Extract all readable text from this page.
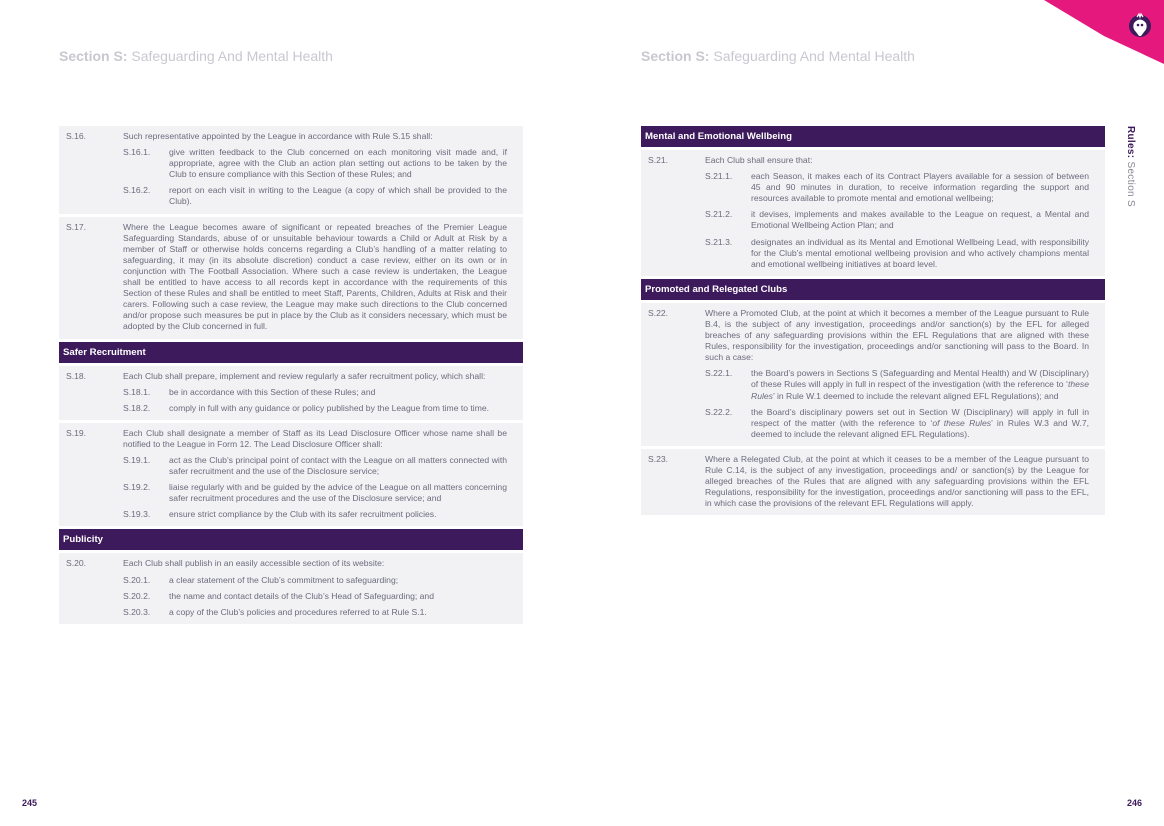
Section S: Safeguarding And Mental Health	Section S: Safeguarding And Mental Health
Rules: Section S
S.16.	Such representative appointed by the League in accordance with Rule S.15 shall:
S.16.1.	give written feedback to the Club concerned on each monitoring visit made and, if appropriate, agree with the Club an action plan setting out actions to be taken by the Club to ensure compliance with this Section of these Rules; and
S.16.2.	report on each visit in writing to the League (a copy of which shall be provided to the Club).
S.17.	Where the League becomes aware of significant or repeated breaches of the Premier League Safeguarding Standards, abuse of or unsuitable behaviour towards a Child or Adult at Risk by a member of Staff or otherwise holds concerns regarding a Club’s handling of a matter relating to safeguarding, it may (in its absolute discretion) conduct a case review, either on its own or in conjunction with The Football Association. Where such a case review is undertaken, the League shall be entitled to have access to all records kept in accordance with the requirements of this Section of these Rules and shall be entitled to meet Staff, Parents, Children, Adults at Risk and their carers. Following such a case review, the League may make such directions to the Club concerned and/or propose such measures be put in place by the Club as it considers necessary, which must be adopted by the Club concerned in full.
Safer Recruitment
S.18.	Each Club shall prepare, implement and review regularly a safer recruitment policy, which shall:
S.18.1.	be in accordance with this Section of these Rules; and
S.18.2.	comply in full with any guidance or policy published by the League from time to time.
S.19.	Each Club shall designate a member of Staff as its Lead Disclosure Officer whose name shall be notified to the League in Form 12. The Lead Disclosure Officer shall:
S.19.1.	act as the Club’s principal point of contact with the League on all matters connected with safer recruitment and the use of the Disclosure service;
S.19.2.	liaise regularly with and be guided by the advice of the League on all matters concerning safer recruitment procedures and the use of the Disclosure service; and
S.19.3.	ensure strict compliance by the Club with its safer recruitment policies.
Publicity
S.20.	Each Club shall publish in an easily accessible section of its website:
S.20.1.	a clear statement of the Club’s commitment to safeguarding;
S.20.2.	the name and contact details of the Club’s Head of Safeguarding; and
S.20.3.	a copy of the Club’s policies and procedures referred to at Rule S.1.
Mental and Emotional Wellbeing
S.21.	Each Club shall ensure that:
S.21.1.	each Season, it makes each of its Contract Players available for a session of between 45 and 90 minutes in duration, to receive information regarding the support and resources available to promote mental and emotional wellbeing;
S.21.2.	it devises, implements and makes available to the League on request, a Mental and Emotional Wellbeing Action Plan; and
S.21.3.	designates an individual as its Mental and Emotional Wellbeing Lead, with responsibility for the Club’s mental emotional wellbeing provision and who actively champions mental and emotional wellbeing initiatives at board level.
Promoted and Relegated Clubs
S.22.	Where a Promoted Club, at the point at which it becomes a member of the League pursuant to Rule B.4, is the subject of any investigation, proceedings and/or sanction(s) by the EFL for alleged breaches of any safeguarding provisions within the EFL Regulations that are aligned with these Rules, responsibility for the investigation, proceedings and/or sanctioning will pass to the Board. In such a case:
S.22.1.	the Board’s powers in Sections S (Safeguarding and Mental Health) and W (Disciplinary) of these Rules will apply in full in respect of the investigation (with the reference to ‘these Rules’ in Rule W.1 deemed to include the relevant aligned EFL Regulations); and
S.22.2.	the Board’s disciplinary powers set out in Section W (Disciplinary) will apply in full in respect of the matter (with the reference to ‘of these Rules’ in Rules W.3 and W.7, deemed to include the relevant aligned EFL Regulations).
S.23.	Where a Relegated Club, at the point at which it ceases to be a member of the League pursuant to Rule C.14, is the subject of any investigation, proceedings and/ or sanction(s) by the League for alleged breaches of the Rules that are aligned with any safeguarding provisions within the EFL Regulations, responsibility for the investigation, proceedings and/or sanctioning will pass to the EFL, in which case the provisions of the relevant EFL Regulations will apply.
245	246
